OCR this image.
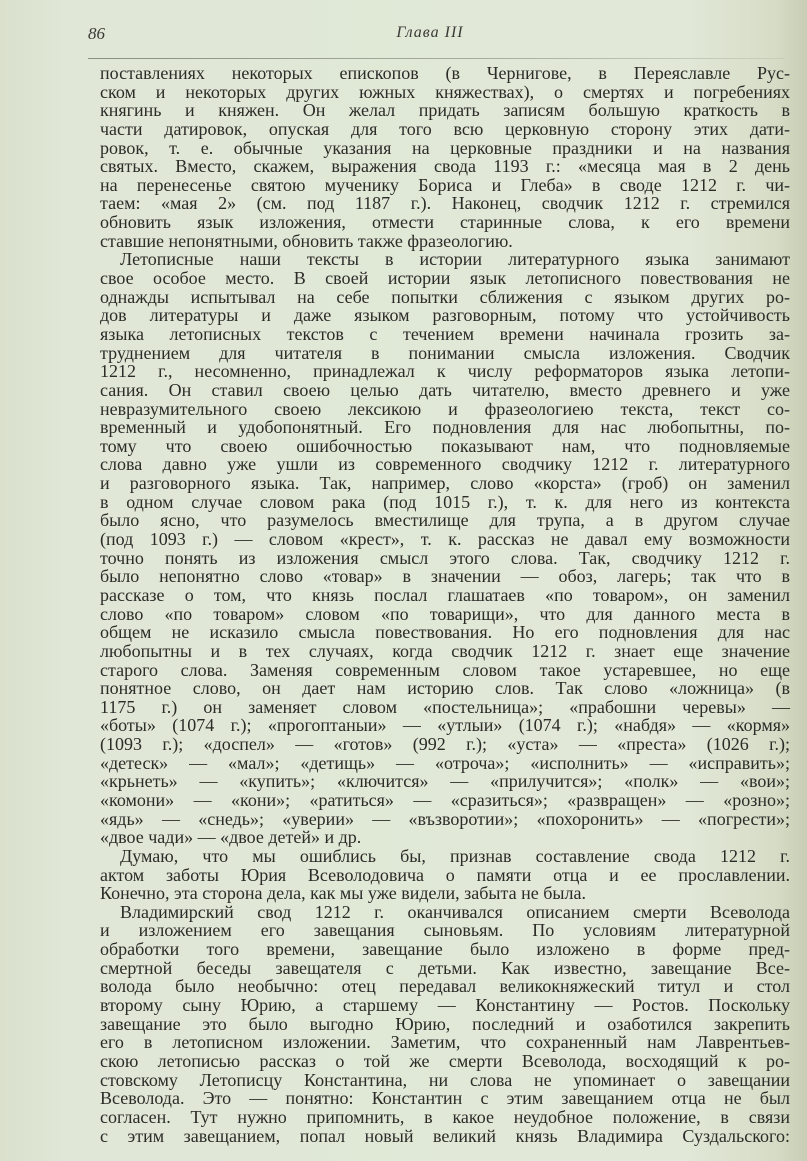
86	Глава III
поставлениях некоторых епископов (в Чернигове, в Переяславле Рус-
ском и некоторых других южных княжествах), о смертях и погребениях
княгинь и княжен. Он желал придать записям большую краткость в
части датировок, опуская для того всю церковную сторону этих дати-
ровок, т. е. обычные указания на церковные праздники и на названия
святых. Вместо, скажем, выражения свода 1193 г.: «месяца мая в 2 день
на перенесенье святою мученику Бориса и Глеба» в своде 1212 г. чи-
таем: «мая 2» (см. под 1187 г.). Наконец, сводчик 1212 г. стремился
обновить язык изложения, отмести старинные слова, к его времени
ставшие непонятными, обновить также фразеологию.
Летописные наши тексты в истории литературного языка занимают
свое особое место. В своей истории язык летописного повествования не
однажды испытывал на себе попытки сближения с языком других ро-
дов литературы и даже языком разговорным, потому что устойчивость
языка летописных текстов с течением времени начинала грозить за-
труднением для читателя в понимании смысла изложения. Сводчик
1212 г., несомненно, принадлежал к числу реформаторов языка летопи-
сания. Он ставил своею целью дать читателю, вместо древнего и уже
невразумительного своею лексикою и фразеологиею текста, текст со-
временный и удобопонятный. Его подновления для нас любопытны, по-
тому что своею ошибочностью показывают нам, что подновляемые
слова давно уже ушли из современного сводчику 1212 г. литературного
и разговорного языка. Так, например, слово «корста» (гроб) он заменил
в одном случае словом рака (под 1015 г.), т. к. для него из контекста
было ясно, что разумелось вместилище для трупа, а в другом случае
(под 1093 г.) — словом «крест», т. к. рассказ не давал ему возможности
точно понять из изложения смысл этого слова. Так, сводчику 1212 г.
было непонятно слово «товар» в значении — обоз, лагерь; так что в
рассказе о том, что князь послал глашатаев «по товаром», он заменил
слово «по товаром» словом «по товарищи», что для данного места в
общем не исказило смысла повествования. Но его подновления для нас
любопытны и в тех случаях, когда сводчик 1212 г. знает еще значение
старого слова. Заменяя современным словом такое устаревшее, но еще
понятное слово, он дает нам историю слов. Так слово «ложница» (в
1175 г.) он заменяет словом «постельница»; «прабошни черевы» —
«боты» (1074 г.); «прогоптаныи» — «утлыи» (1074 г.); «набдя» — «кормя»
(1093 г.); «доспел» — «готов» (992 г.); «уста» — «преста» (1026 г.);
«детеск» — «мал»; «детищь» — «отроча»; «исполнить» — «исправить»;
«крьнеть» — «купить»; «ключится» — «прилучится»; «полк» — «вои»;
«комони» — «кони»; «ратиться» — «сразиться»; «развращен» — «розно»;
«ядь» — «снедь»; «уверии» — «възворотии»; «похоронить» — «погрести»;
«двое чади» — «двое детей» и др.
Думаю, что мы ошиблись бы, признав составление свода 1212 г.
актом заботы Юрия Всеволодовича о памяти отца и ее прославлении.
Конечно, эта сторона дела, как мы уже видели, забыта не была.
Владимирский свод 1212 г. оканчивался описанием смерти Всеволода
и изложением его завещания сыновьям. По условиям литературной
обработки того времени, завещание было изложено в форме пред-
смертной беседы завещателя с детьми. Как известно, завещание Все-
волода было необычно: отец передавал великокняжеский титул и стол
второму сыну Юрию, а старшему — Константину — Ростов. Поскольку
завещание это было выгодно Юрию, последний и озаботился закрепить
его в летописном изложении. Заметим, что сохраненный нам Лаврентьев-
скою летописью рассказ о той же смерти Всеволода, восходящий к ро-
стовскому Летописцу Константина, ни слова не упоминает о завещании
Всеволода. Это — понятно: Константин с этим завещанием отца не был
согласен. Тут нужно припомнить, в какое неудобное положение, в связи
с этим завещанием, попал новый великий князь Владимира Суздальского:
